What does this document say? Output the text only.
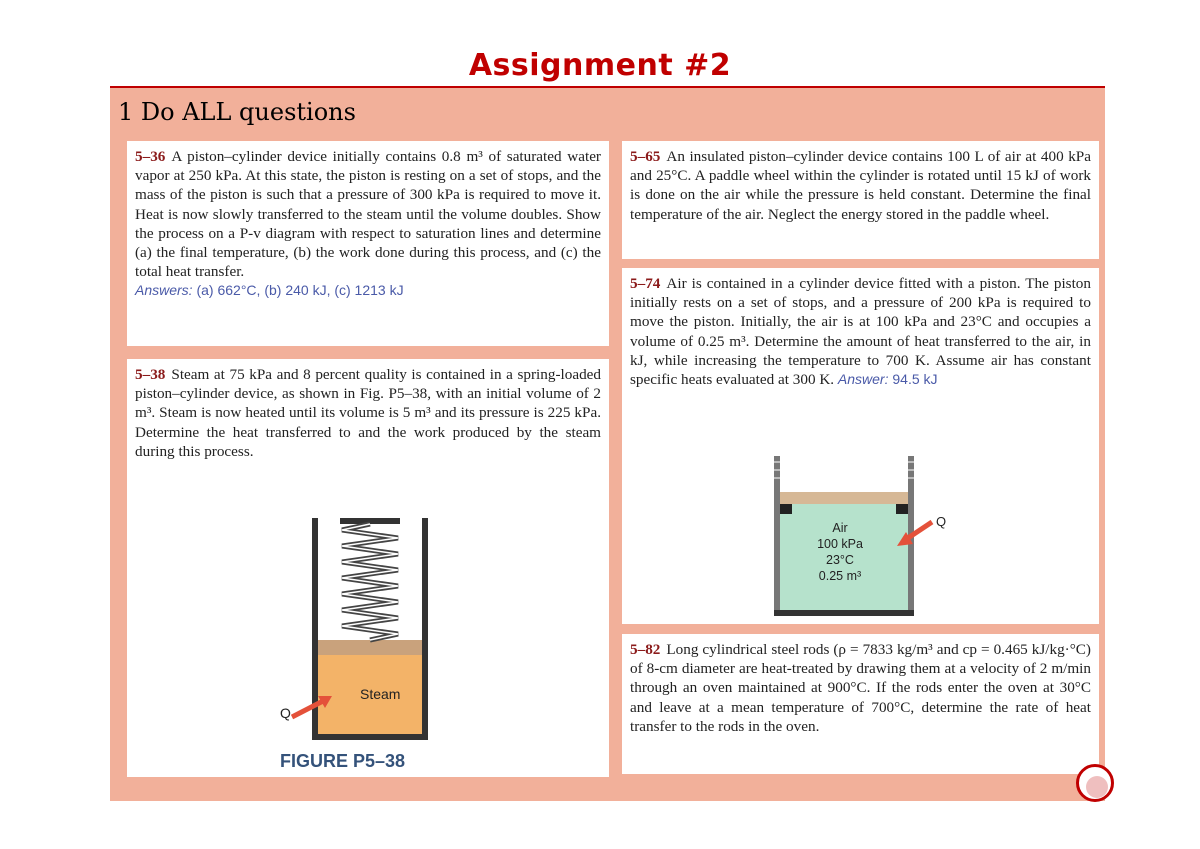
Assignment #2
1 Do ALL questions
5–36 A piston–cylinder device initially contains 0.8 m³ of saturated water vapor at 250 kPa. At this state, the piston is resting on a set of stops, and the mass of the piston is such that a pressure of 300 kPa is required to move it. Heat is now slowly transferred to the steam until the volume doubles. Show the process on a P-v diagram with respect to saturation lines and determine (a) the final temperature, (b) the work done during this process, and (c) the total heat transfer.
Answers: (a) 662°C, (b) 240 kJ, (c) 1213 kJ
5–38 Steam at 75 kPa and 8 percent quality is contained in a spring-loaded piston–cylinder device, as shown in Fig. P5–38, with an initial volume of 2 m³. Steam is now heated until its volume is 5 m³ and its pressure is 225 kPa. Determine the heat transferred to and the work produced by the steam during this process.
Steam
Q
FIGURE P5–38
5–65 An insulated piston–cylinder device contains 100 L of air at 400 kPa and 25°C. A paddle wheel within the cylinder is rotated until 15 kJ of work is done on the air while the pressure is held constant. Determine the final temperature of the air. Neglect the energy stored in the paddle wheel.
5–74 Air is contained in a cylinder device fitted with a piston. The piston initially rests on a set of stops, and a pressure of 200 kPa is required to move the piston. Initially, the air is at 100 kPa and 23°C and occupies a volume of 0.25 m³. Determine the amount of heat transferred to the air, in kJ, while increasing the temperature to 700 K. Assume air has constant specific heats evaluated at 300 K. Answer: 94.5 kJ
Air
100 kPa
23°C
0.25 m³
Q
5–82 Long cylindrical steel rods (ρ = 7833 kg/m³ and cp = 0.465 kJ/kg·°C) of 8-cm diameter are heat-treated by drawing them at a velocity of 2 m/min through an oven maintained at 900°C. If the rods enter the oven at 30°C and leave at a mean temperature of 700°C, determine the rate of heat transfer to the rods in the oven.
